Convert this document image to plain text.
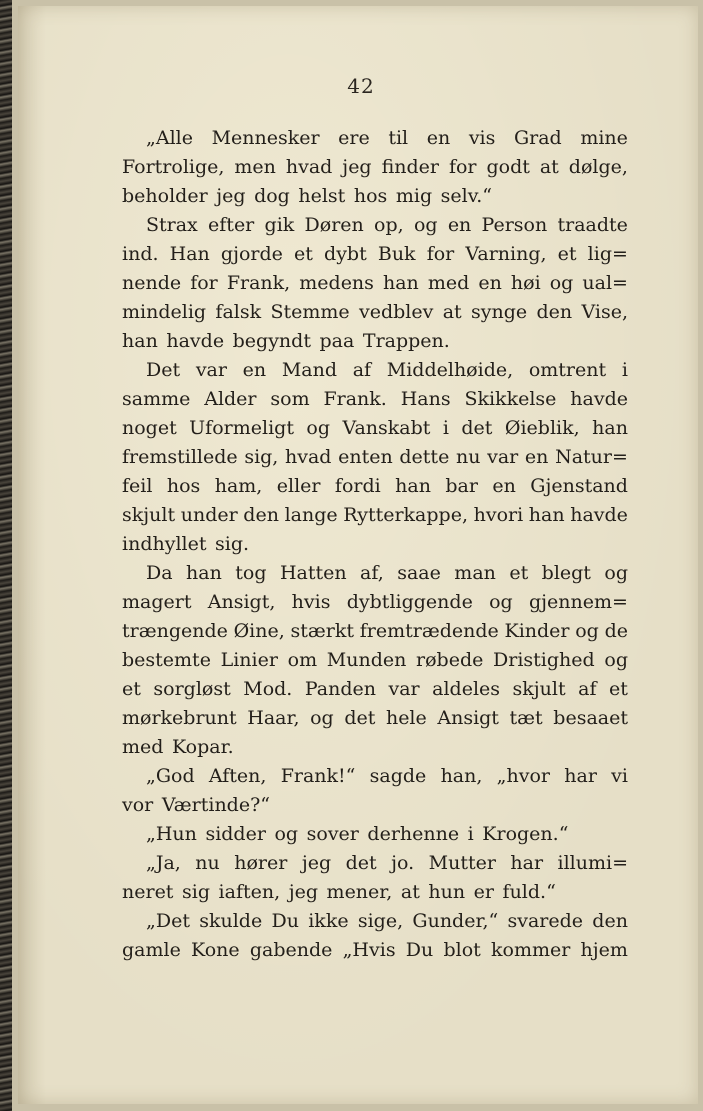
42
„Alle Mennesker ere til en vis Grad mine
Fortrolige, men hvad jeg finder for godt at dølge,
beholder jeg dog helst hos mig selv.“
Strax efter gik Døren op, og en Person traadte
ind. Han gjorde et dybt Buk for Varning, et lig=
nende for Frank, medens han med en høi og ual=
mindelig falsk Stemme vedblev at synge den Vise,
han havde begyndt paa Trappen.
Det var en Mand af Middelhøide, omtrent i
samme Alder som Frank. Hans Skikkelse havde
noget Uformeligt og Vanskabt i det Øieblik, han
fremstillede sig, hvad enten dette nu var en Natur=
feil hos ham, eller fordi han bar en Gjenstand
skjult under den lange Rytterkappe, hvori han havde
indhyllet sig.
Da han tog Hatten af, saae man et blegt og
magert Ansigt, hvis dybtliggende og gjennem=
trængende Øine, stærkt fremtrædende Kinder og de
bestemte Linier om Munden røbede Dristighed og
et sorgløst Mod. Panden var aldeles skjult af et
mørkebrunt Haar, og det hele Ansigt tæt besaaet
med Kopar.
„God Aften, Frank!“ sagde han, „hvor har vi
vor Værtinde?“
„Hun sidder og sover derhenne i Krogen.“
„Ja, nu hører jeg det jo. Mutter har illumi=
neret sig iaften, jeg mener, at hun er fuld.“
„Det skulde Du ikke sige, Gunder,“ svarede den
gamle Kone gabende „Hvis Du blot kommer hjem
